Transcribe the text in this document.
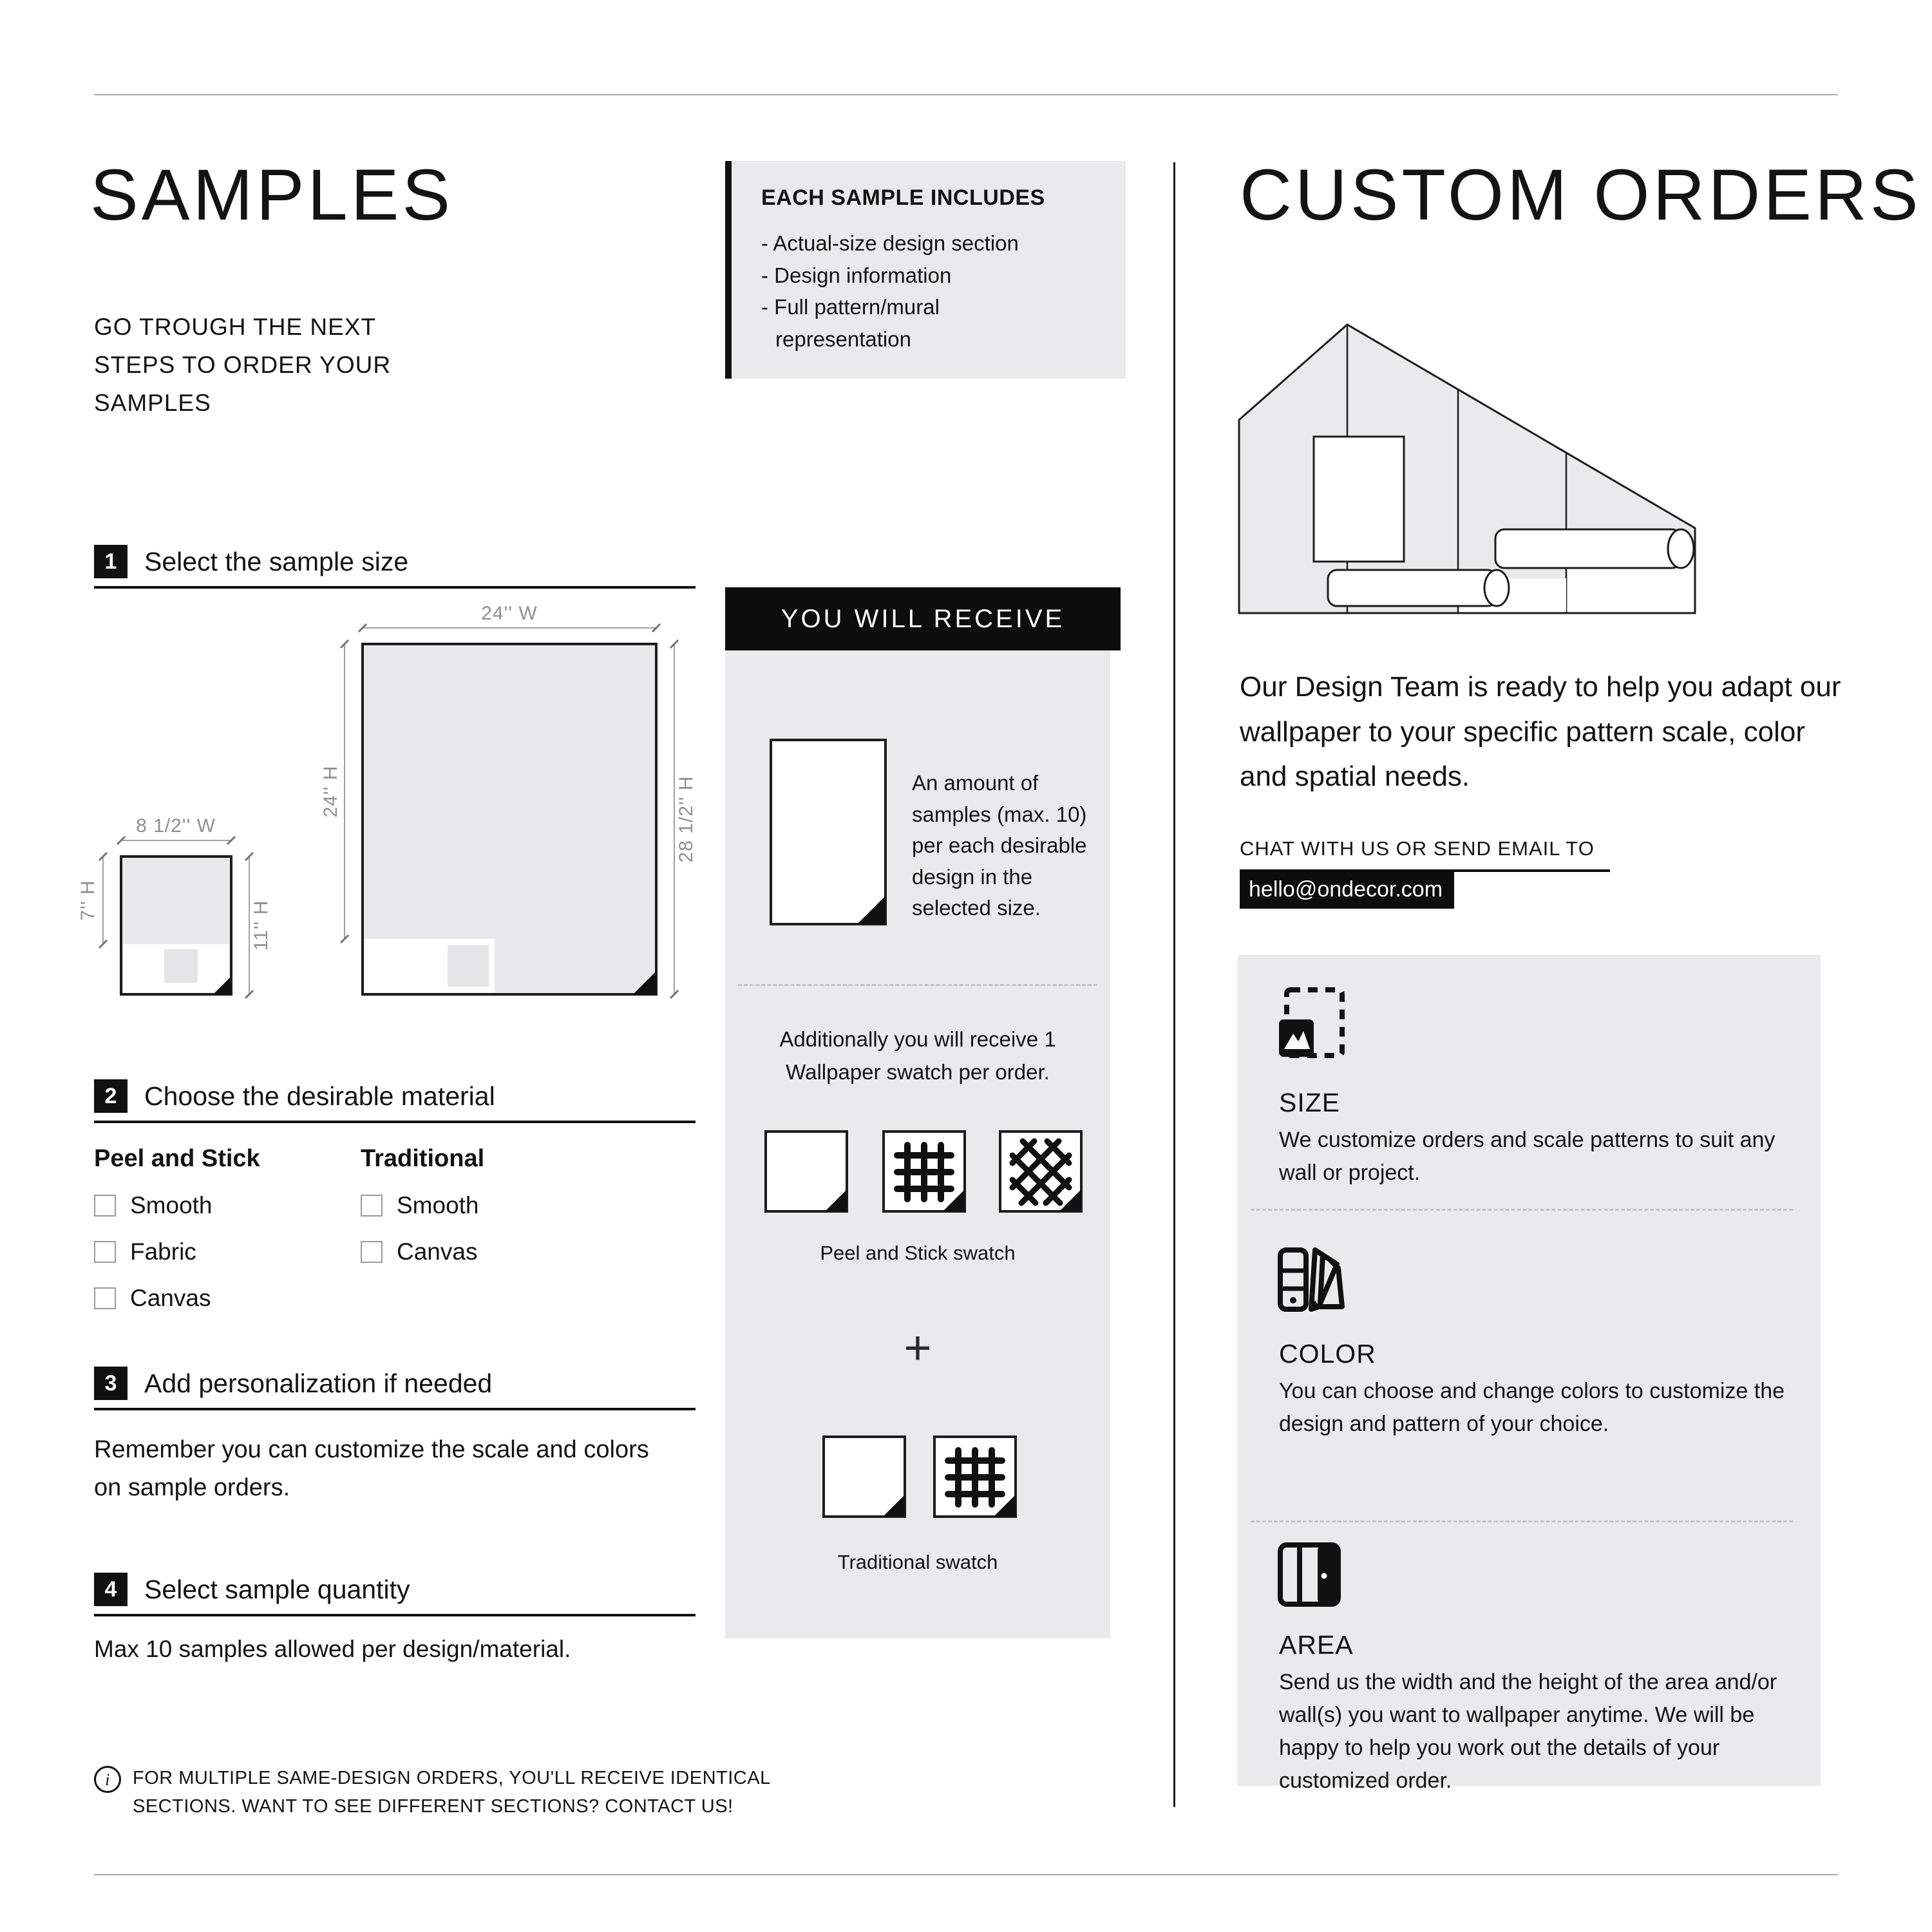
SAMPLES
GO TROUGH THE NEXT STEPS TO ORDER YOUR SAMPLES
EACH SAMPLE INCLUDES
- Actual-size design section
- Design information
- Full pattern/mural representation
1	Select the sample size
24'' W
24'' H	28 1/2'' H
8 1/2'' W
7'' H	11'' H
2	Choose the desirable material
Peel and Stick
Smooth
Fabric
Canvas
Traditional
Smooth
Canvas
3	Add personalization if needed
Remember you can customize the scale and colors on sample orders.
4	Select sample quantity
Max 10 samples allowed per design/material.
i	FOR MULTIPLE SAME-DESIGN ORDERS, YOU'LL RECEIVE IDENTICAL SECTIONS. WANT TO SEE DIFFERENT SECTIONS? CONTACT US!
YOU WILL RECEIVE
An amount of samples (max. 10) per each desirable design in the selected size.
Additionally you will receive 1 Wallpaper swatch per order.
Peel and Stick swatch
+
Traditional swatch
CUSTOM ORDERS
Our Design Team is ready to help you adapt our wallpaper to your specific pattern scale, color and spatial needs.
CHAT WITH US OR SEND EMAIL TO
hello@ondecor.com
SIZE
We customize orders and scale patterns to suit any wall or project.
COLOR
You can choose and change colors to customize the design and pattern of your choice.
AREA
Send us the width and the height of the area and/or wall(s) you want to wallpaper anytime. We will be happy to help you work out the details of your customized order.
